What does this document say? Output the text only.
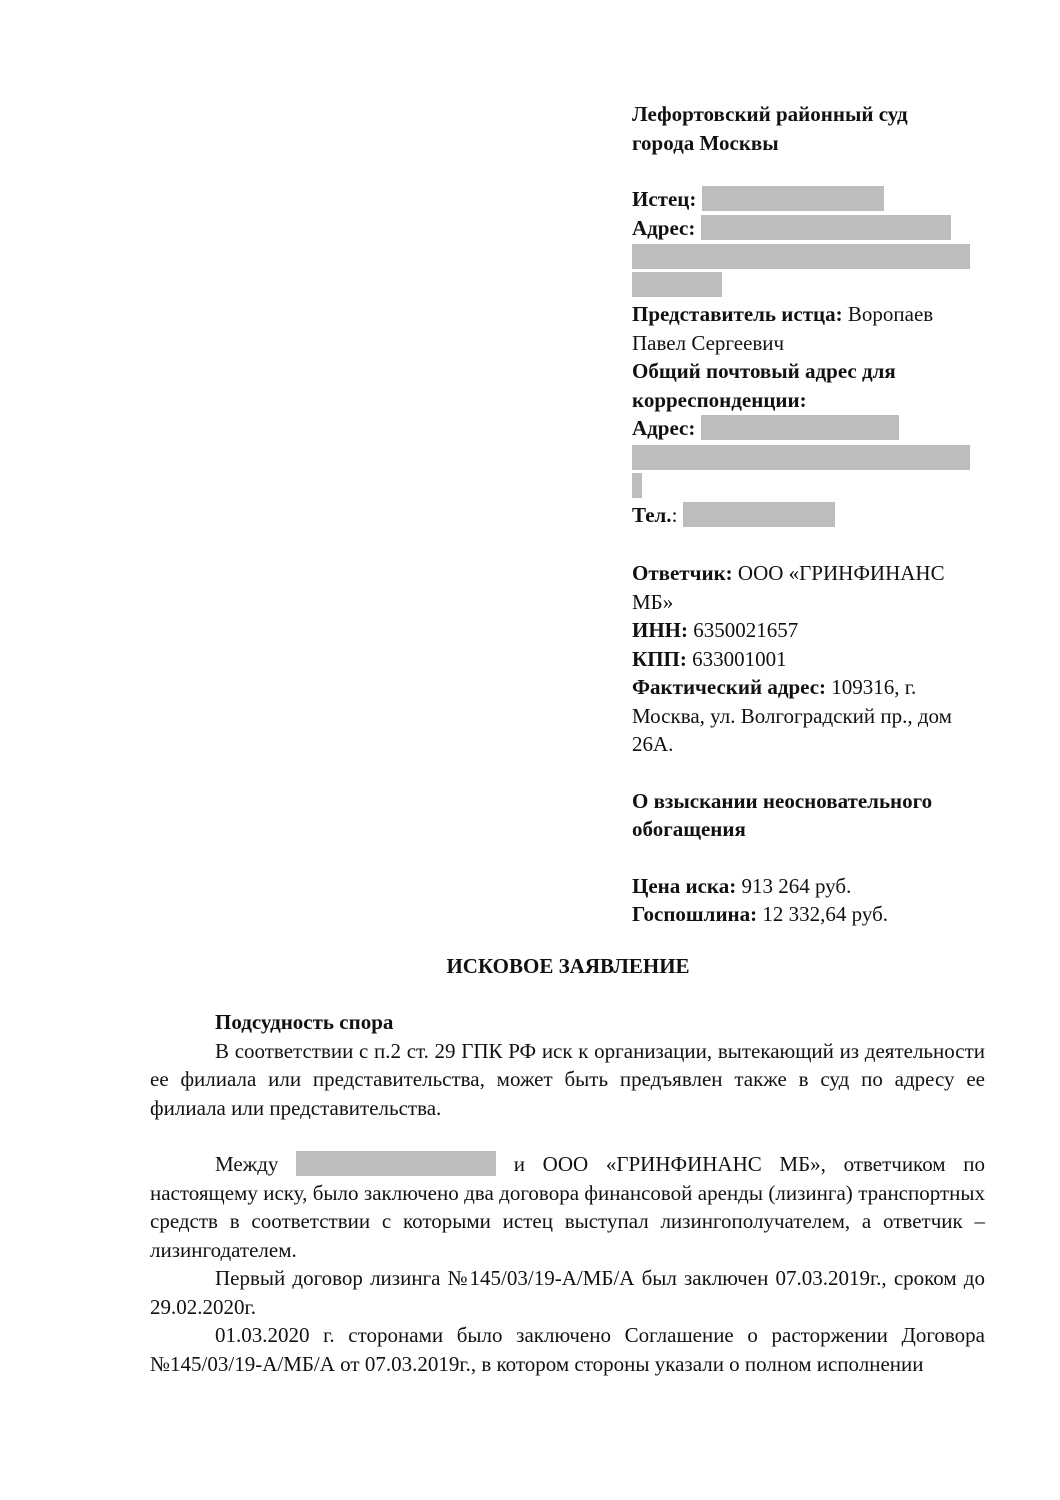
Лефортовский районный суд

города Москвы

Истец:

Адрес:

Представитель истца: Воропаев

Павел Сергеевич

Общий почтовый адрес для

корреспонденции:

Адрес:

Тел.:

Ответчик: ООО «ГРИНФИНАНС

МБ»

ИНН: 6350021657

КПП: 633001001

Фактический адрес: 109316, г.

Москва, ул. Волгоградский пр., дом

26А.

О взыскании неосновательного

обогащения

Цена иска: 913 264 руб.

Госпошлина: 12 332,64 руб.

ИСКОВОЕ ЗАЯВЛЕНИЕ

Подсудность спора

В соответствии с п.2 ст. 29 ГПК РФ иск к организации, вытекающий из деятельности ее филиала или представительства, может быть предъявлен также в суд по адресу ее филиала или представительства.

Между	и ООО «ГРИНФИНАНС МБ», ответчиком по настоящему иску, было заключено два договора финансовой аренды (лизинга) транспортных средств в соответствии с которыми истец выступал лизингополучателем, а ответчик – лизингодателем.

Первый договор лизинга №145/03/19-А/МБ/А был заключен 07.03.2019г., сроком до 29.02.2020г.

01.03.2020 г. сторонами было заключено Соглашение о расторжении Договора №145/03/19-А/МБ/А от 07.03.2019г., в котором стороны указали о полном исполнении
